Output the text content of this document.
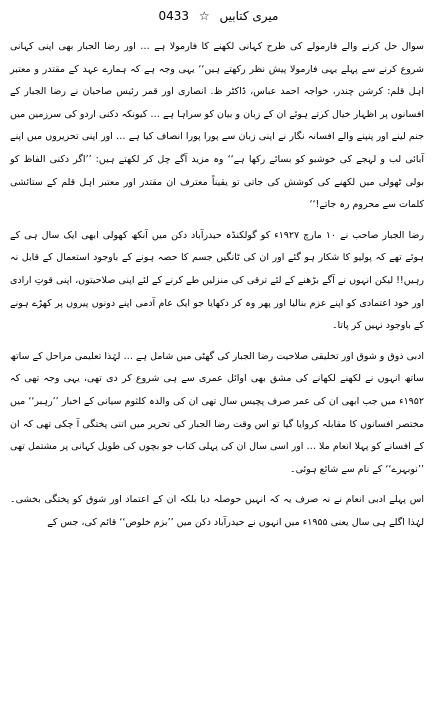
میری کتابیں ☆ 0433

سوال حل کرنے والے فارمولے کی طرح کہانی لکھنے کا فارمولا ہے … اور رضا الجبار بھی اپنی کہانی شروع کرنے سے پہلے یہی فارمولا پیش نظر رکھتے ہیں‘‘ یہی وجہ ہے کہ ہمارے عہد کے مقتدر و معتبر اہل قلم: کرشن چندر، خواجہ احمد عباس، ڈاکٹر ظ. انصاری اور قمر رئیس صاحبان نے رضا الجبار کے افسانوں پر اظہار خیال کرتے ہوئے ان کے زبان و بیان کو سراہا ہے … کیونکہ دکنی اردو کی سرزمین میں جنم لینے اور پنپنے والے افسانہ نگار نے اپنی زبان سے پورا پورا انصاف کیا ہے … اور اپنی تحریروں میں اپنے آبائی لب و لہجے کی خوشبو کو بسائے رکھا ہے‘‘ وہ مزید آگے چل کر لکھتے ہیں: ’’اگر دکنی الفاظ کو بولی ٹھولی میں لکھنے کی کوشش کی جاتی تو یقیناً معترف ان مقتدر اور معتبر اہل قلم کے ستائشی کلمات سے محروم رہ جاتے!‘‘

رضا الجبار صاحب نے ۱۰ مارچ ۱۹۲۷ء کو گولکنڈہ حیدرآباد دکن میں آنکھ کھولی ابھی ایک سال ہی کے ہوئے تھے کہ پولیو کا شکار ہو گئے اور ان کی ٹانگیں جسم کا حصہ ہونے کے باوجود استعمال کے قابل نہ رہیں!! لیکن انہوں نے آگے بڑھنے کے لئے ترقی کی منزلیں طے کرنے کے لئے اپنی صلاحیتوں، اپنی قوتِ ارادی اور خود اعتمادی کو اپنے عزم بنالیا اور پھر وہ کر دکھایا جو ایک عام آدمی اپنے دونوں پیروں پر کھڑے ہونے کے باوجود نہیں کر پاتا۔

ادبی ذوق و شوق اور تخلیقی صلاحیت رضا الجبار کی گھٹی میں شامل ہے … لہٰذا تعلیمی مراحل کے ساتھ ساتھ انہوں نے لکھنے لکھانے کی مشق بھی اوائل عمری سے ہی شروع کر دی تھی، یہی وجہ تھی کہ ۱۹۵۲ء میں جب ابھی ان کی عمر صرف پچیس سال تھی ان کی والدہ کلثوم سیانی کے اخبار ’’رہبر‘‘ میں مختصر افسانوں کا مقابلہ کروایا گیا تو اس وقت رضا الجبار کی تحریر میں اتنی پختگی آ چکی تھی کہ ان کے افسانے کو پہلا انعام ملا … اور اسی سال ان کی پہلی کتاب جو بچوں کی طویل کہانی پر مشتمل تھی ’’نوبہرے‘‘ کے نام سے شائع ہوئی۔

اس پہلے ادبی انعام نے نہ صرف یہ کہ انہیں حوصلہ دیا بلکہ ان کے اعتماد اور شوق کو پختگی بخشی۔ لہٰذا اگلے ہی سال یعنی ۱۹۵۵ء میں انہوں نے حیدرآباد دکن میں ’’بزم خلوص‘‘ قائم کی، جس کے
